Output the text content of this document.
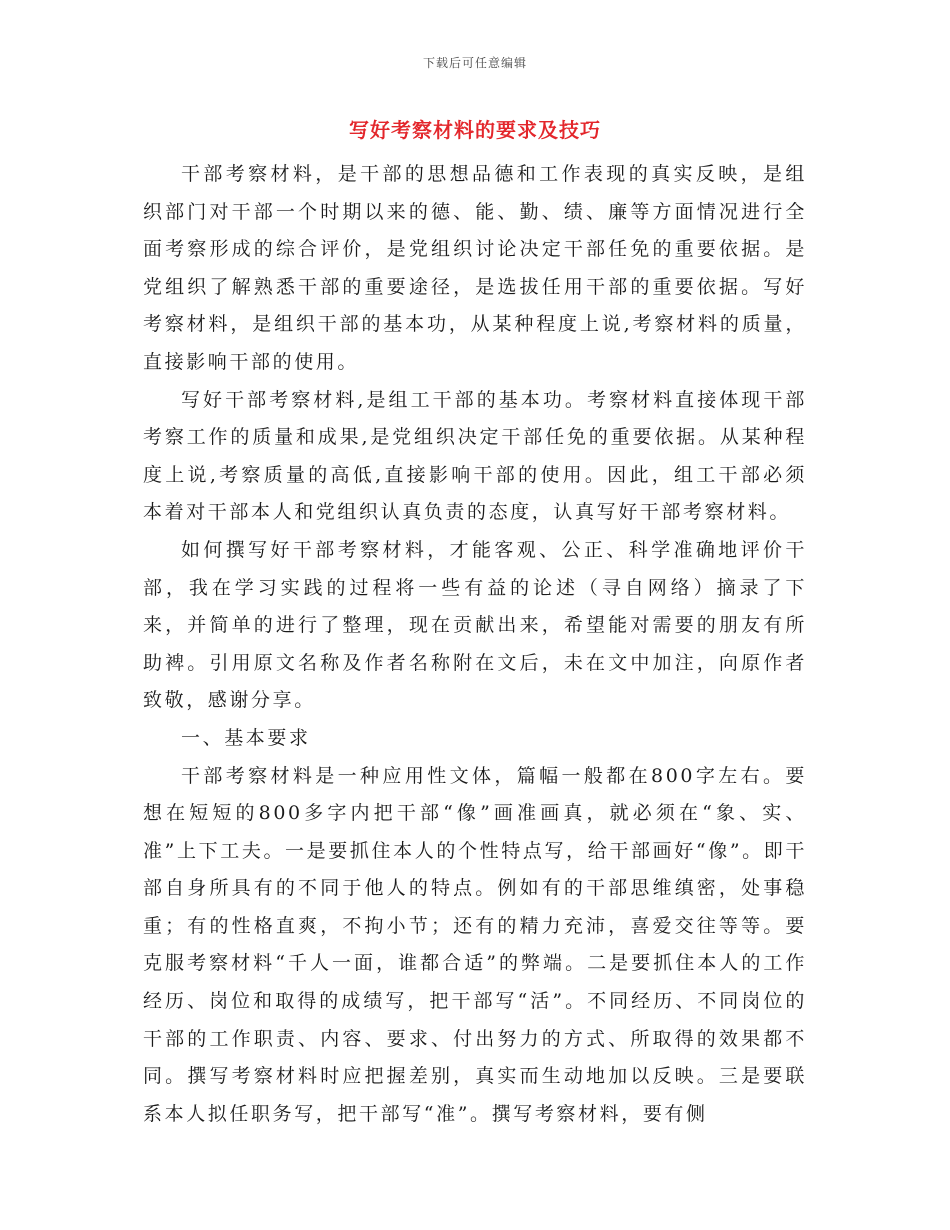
下载后可任意编辑
写好考察材料的要求及技巧

干部考察材料，是干部的思想品德和工作表现的真实反映，是组织部门对干部一个时期以来的德、能、勤、绩、廉等方面情况进行全面考察形成的综合评价，是党组织讨论决定干部任免的重要依据。是党组织了解熟悉干部的重要途径，是选拔任用干部的重要依据。写好考察材料，是组织干部的基本功，从某种程度上说,考察材料的质量，直接影响干部的使用。

写好干部考察材料,是组工干部的基本功。考察材料直接体现干部考察工作的质量和成果,是党组织决定干部任免的重要依据。从某种程度上说,考察质量的高低,直接影响干部的使用。因此，组工干部必须本着对干部本人和党组织认真负责的态度，认真写好干部考察材料。

如何撰写好干部考察材料，才能客观、公正、科学准确地评价干部，我在学习实践的过程将一些有益的论述（寻自网络）摘录了下来，并简单的进行了整理，现在贡献出来，希望能对需要的朋友有所助裨。引用原文名称及作者名称附在文后，未在文中加注，向原作者致敬，感谢分享。

一、基本要求

干部考察材料是一种应用性文体，篇幅一般都在800字左右。要想在短短的800多字内把干部“像”画准画真，就必须在“象、实、准”上下工夫。一是要抓住本人的个性特点写，给干部画好“像”。即干部自身所具有的不同于他人的特点。例如有的干部思维缜密，处事稳重；有的性格直爽，不拘小节；还有的精力充沛，喜爱交往等等。要克服考察材料“千人一面，谁都合适”的弊端。二是要抓住本人的工作经历、岗位和取得的成绩写，把干部写“活”。不同经历、不同岗位的干部的工作职责、内容、要求、付出努力的方式、所取得的效果都不同。撰写考察材料时应把握差别，真实而生动地加以反映。三是要联系本人拟任职务写，把干部写“准”。撰写考察材料，要有侧
